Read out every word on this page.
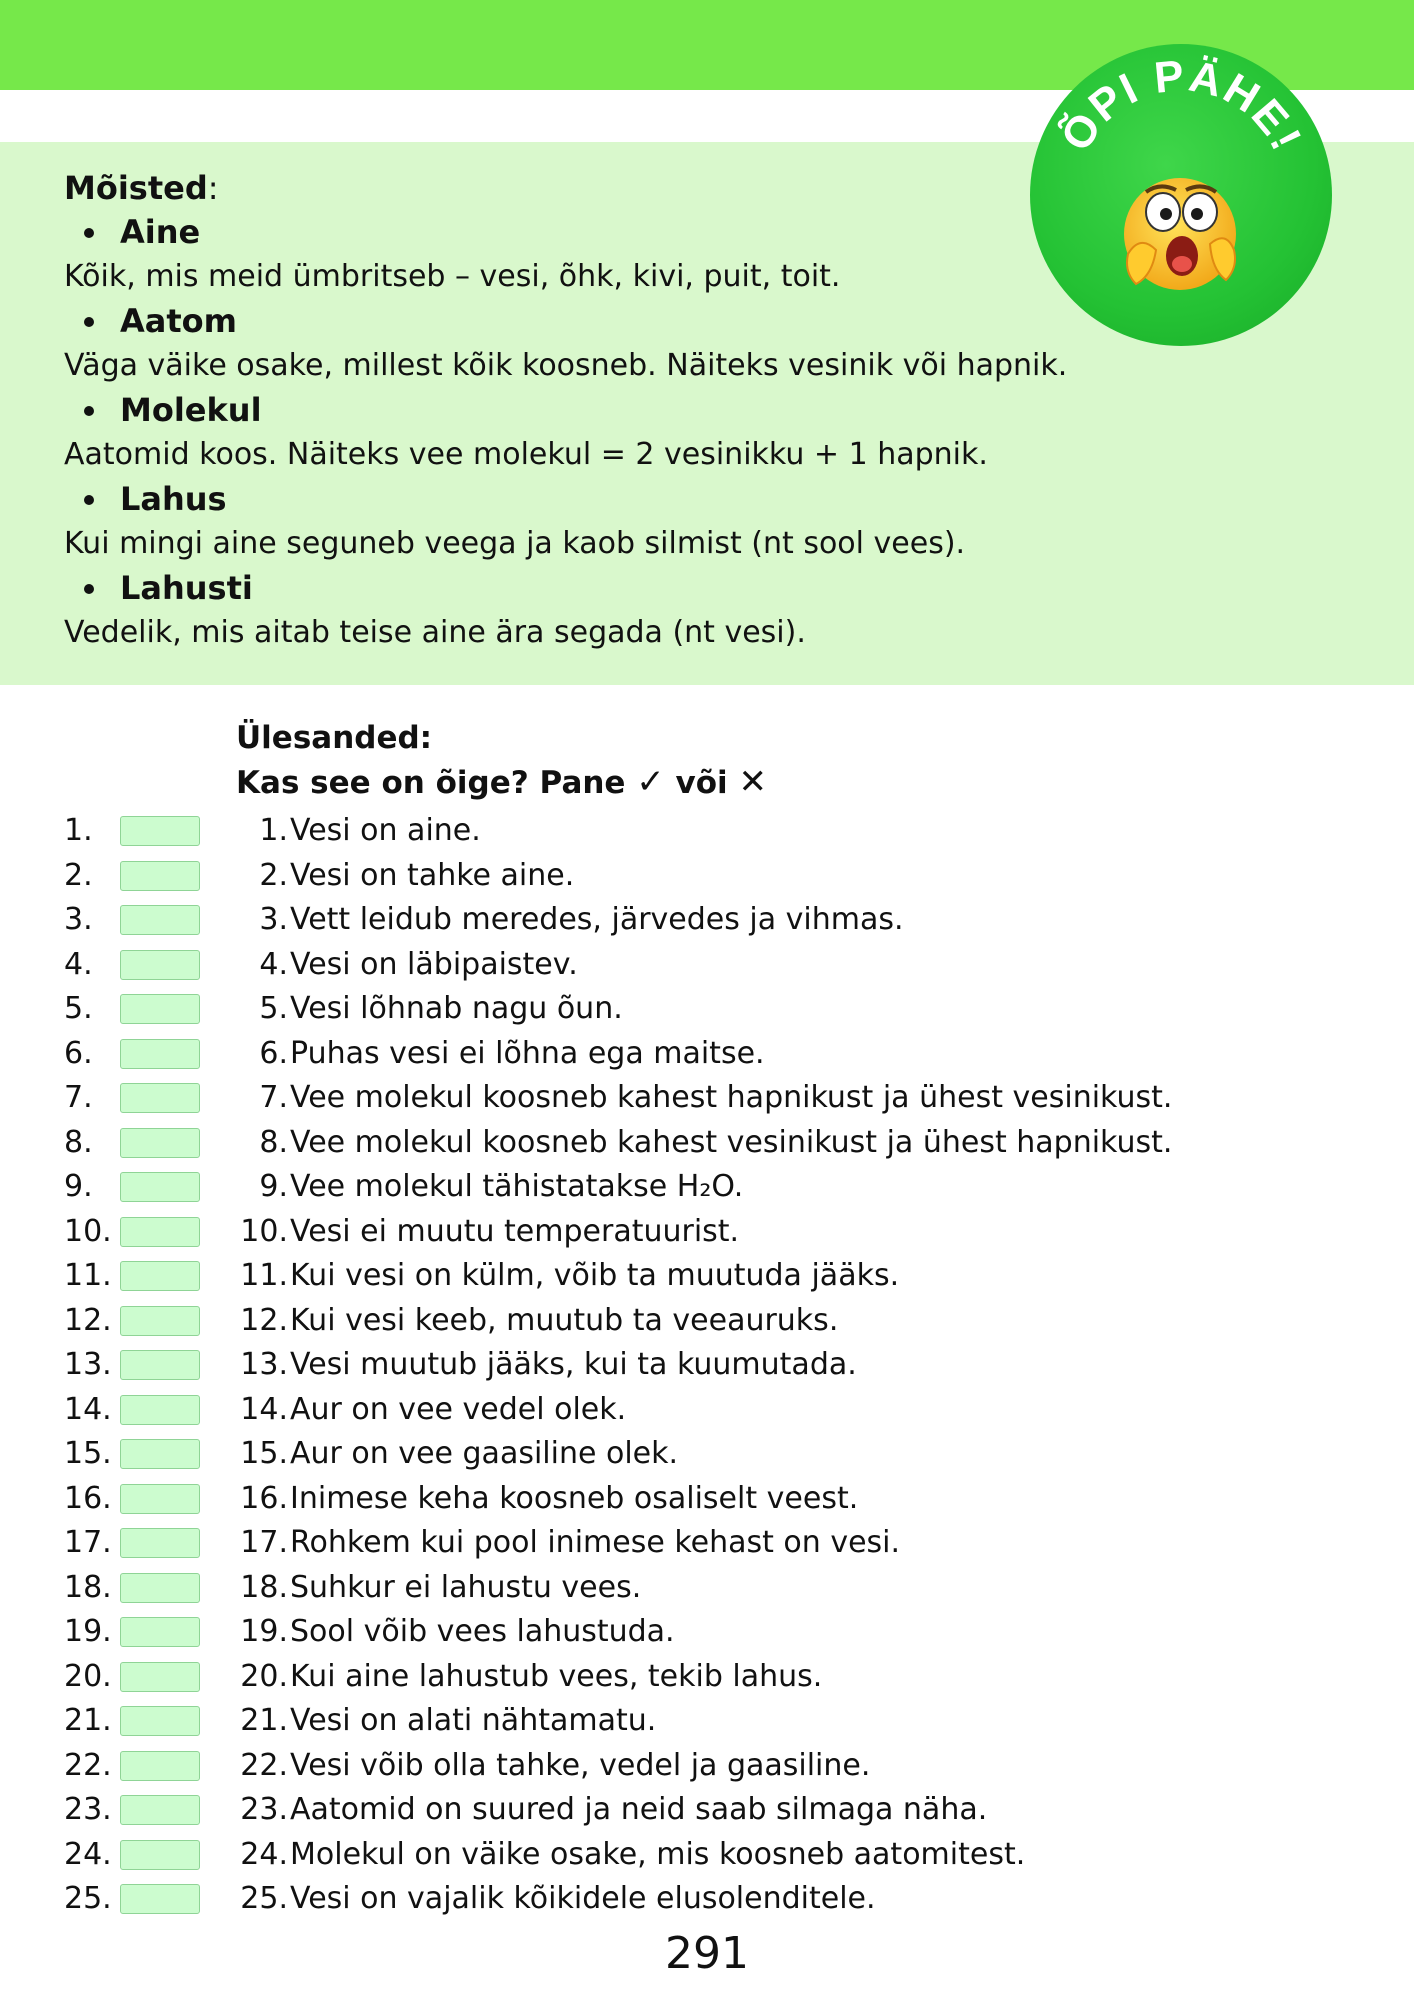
Mõisted:
Aine
Kõik, mis meid ümbritseb – vesi, õhk, kivi, puit, toit.
Aatom
Väga väike osake, millest kõik koosneb. Näiteks vesinik või hapnik.
Molekul
Aatomid koos. Näiteks vee molekul = 2 vesinikku + 1 hapnik.
Lahus
Kui mingi aine seguneb veega ja kaob silmist (nt sool vees).
Lahusti
Vedelik, mis aitab teise aine ära segada (nt vesi).
ÕPI PÄHE!
Ülesanded:
Kas see on õige? Pane ✓ või ✕
1.	1. Vesi on aine.
2.	2. Vesi on tahke aine.
3.	3. Vett leidub meredes, järvedes ja vihmas.
4.	4. Vesi on läbipaistev.
5.	5. Vesi lõhnab nagu õun.
6.	6. Puhas vesi ei lõhna ega maitse.
7.	7. Vee molekul koosneb kahest hapnikust ja ühest vesinikust.
8.	8. Vee molekul koosneb kahest vesinikust ja ühest hapnikust.
9.	9. Vee molekul tähistatakse H₂O.
10.	10. Vesi ei muutu temperatuurist.
11.	11. Kui vesi on külm, võib ta muutuda jääks.
12.	12. Kui vesi keeb, muutub ta veeauruks.
13.	13. Vesi muutub jääks, kui ta kuumutada.
14.	14. Aur on vee vedel olek.
15.	15. Aur on vee gaasiline olek.
16.	16. Inimese keha koosneb osaliselt veest.
17.	17. Rohkem kui pool inimese kehast on vesi.
18.	18. Suhkur ei lahustu vees.
19.	19. Sool võib vees lahustuda.
20.	20. Kui aine lahustub vees, tekib lahus.
21.	21. Vesi on alati nähtamatu.
22.	22. Vesi võib olla tahke, vedel ja gaasiline.
23.	23. Aatomid on suured ja neid saab silmaga näha.
24.	24. Molekul on väike osake, mis koosneb aatomitest.
25.	25. Vesi on vajalik kõikidele elusolenditele.
291
